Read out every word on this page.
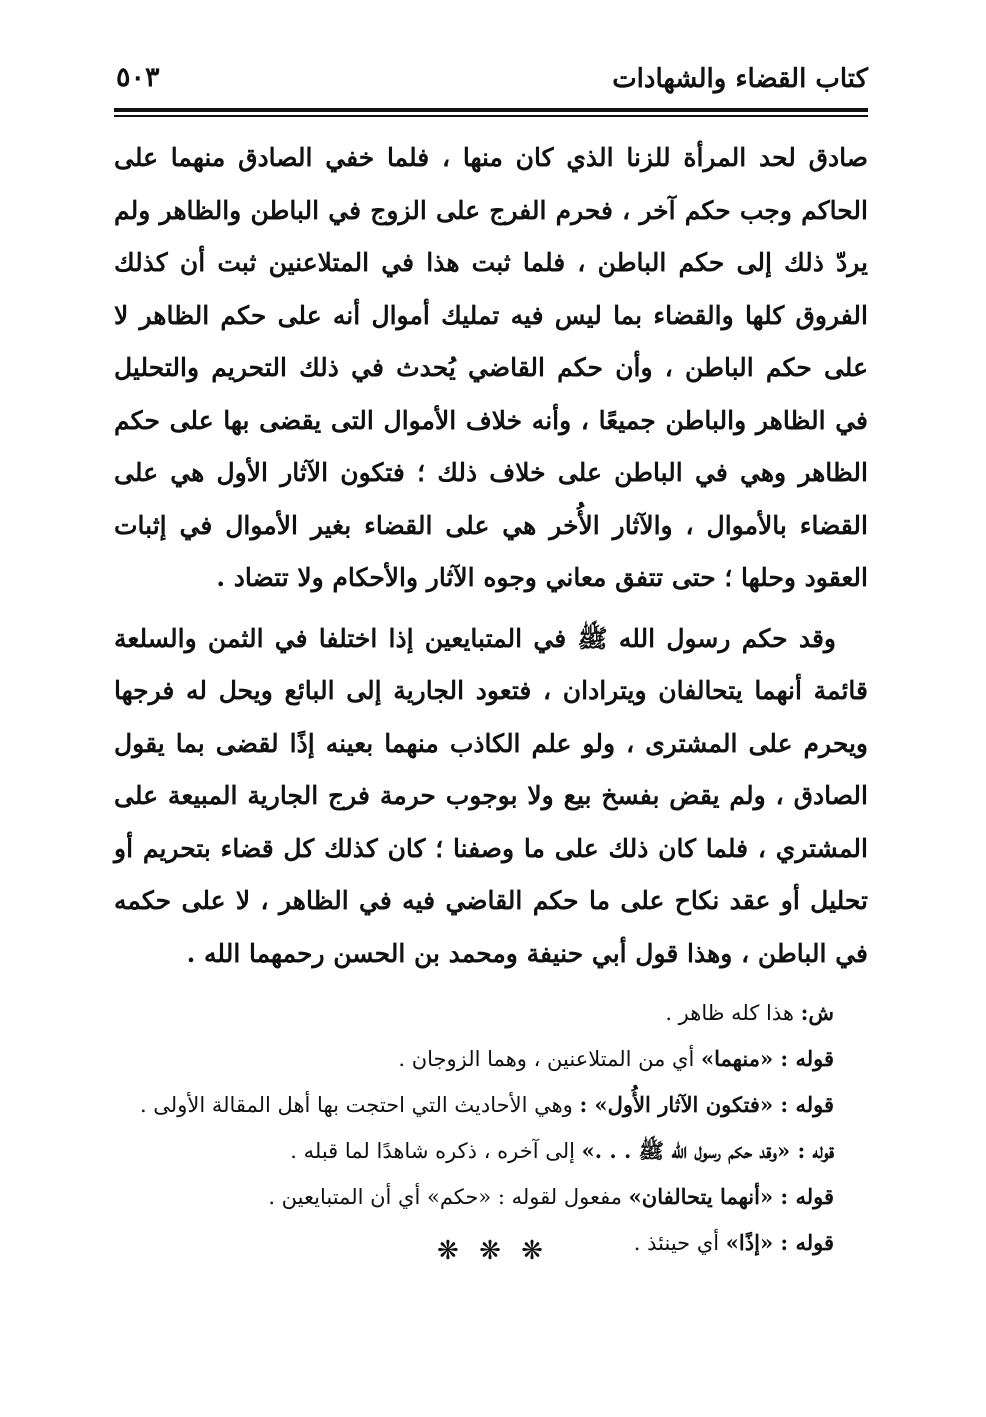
كتاب القضاء والشهادات
٥٠٣

صادق لحد المرأة للزنا الذي كان منها ، فلما خفي الصادق منهما على الحاكم وجب حكم آخر ، فحرم الفرج على الزوج في الباطن والظاهر ولم يردّ ذلك إلى حكم الباطن ، فلما ثبت هذا في المتلاعنين ثبت أن كذلك الفروق كلها والقضاء بما ليس فيه تمليك أموال أنه على حكم الظاهر لا على حكم الباطن ، وأن حكم القاضي يُحدث في ذلك التحريم والتحليل في الظاهر والباطن جميعًا ، وأنه خلاف الأموال التى يقضى بها على حكم الظاهر وهي في الباطن على خلاف ذلك ؛ فتكون الآثار الأول هي على القضاء بالأموال ، والآثار الأُخر هي على القضاء بغير الأموال في إثبات العقود وحلها ؛ حتى تتفق معاني وجوه الآثار والأحكام ولا تتضاد .

وقد حكم رسول الله ﷺ في المتبايعين إذا اختلفا في الثمن والسلعة قائمة أنهما يتحالفان ويترادان ، فتعود الجارية إلى البائع ويحل له فرجها ويحرم على المشترى ، ولو علم الكاذب منهما بعينه إذًا لقضى بما يقول الصادق ، ولم يقض بفسخ بيع ولا بوجوب حرمة فرج الجارية المبيعة على المشتري ، فلما كان ذلك على ما وصفنا ؛ كان كذلك كل قضاء بتحريم أو تحليل أو عقد نكاح على ما حكم القاضي فيه في الظاهر ، لا على حكمه في الباطن ، وهذا قول أبي حنيفة ومحمد بن الحسن رحمهما الله .

ش: هذا كله ظاهر .

قوله : «منهما» أي من المتلاعنين ، وهما الزوجان .

قوله : «فتكون الآثار الأُول» : وهي الأحاديث التي احتجت بها أهل المقالة الأولى .

قوله : «وقد حكم رسول الله ﷺ . . .» إلى آخره ، ذكره شاهدًا لما قبله .

قوله : «أنهما يتحالفان» مفعول لقوله : «حكم» أي أن المتبايعين .

قوله : «إذًا» أي حينئذ .

❋ ❋ ❋
